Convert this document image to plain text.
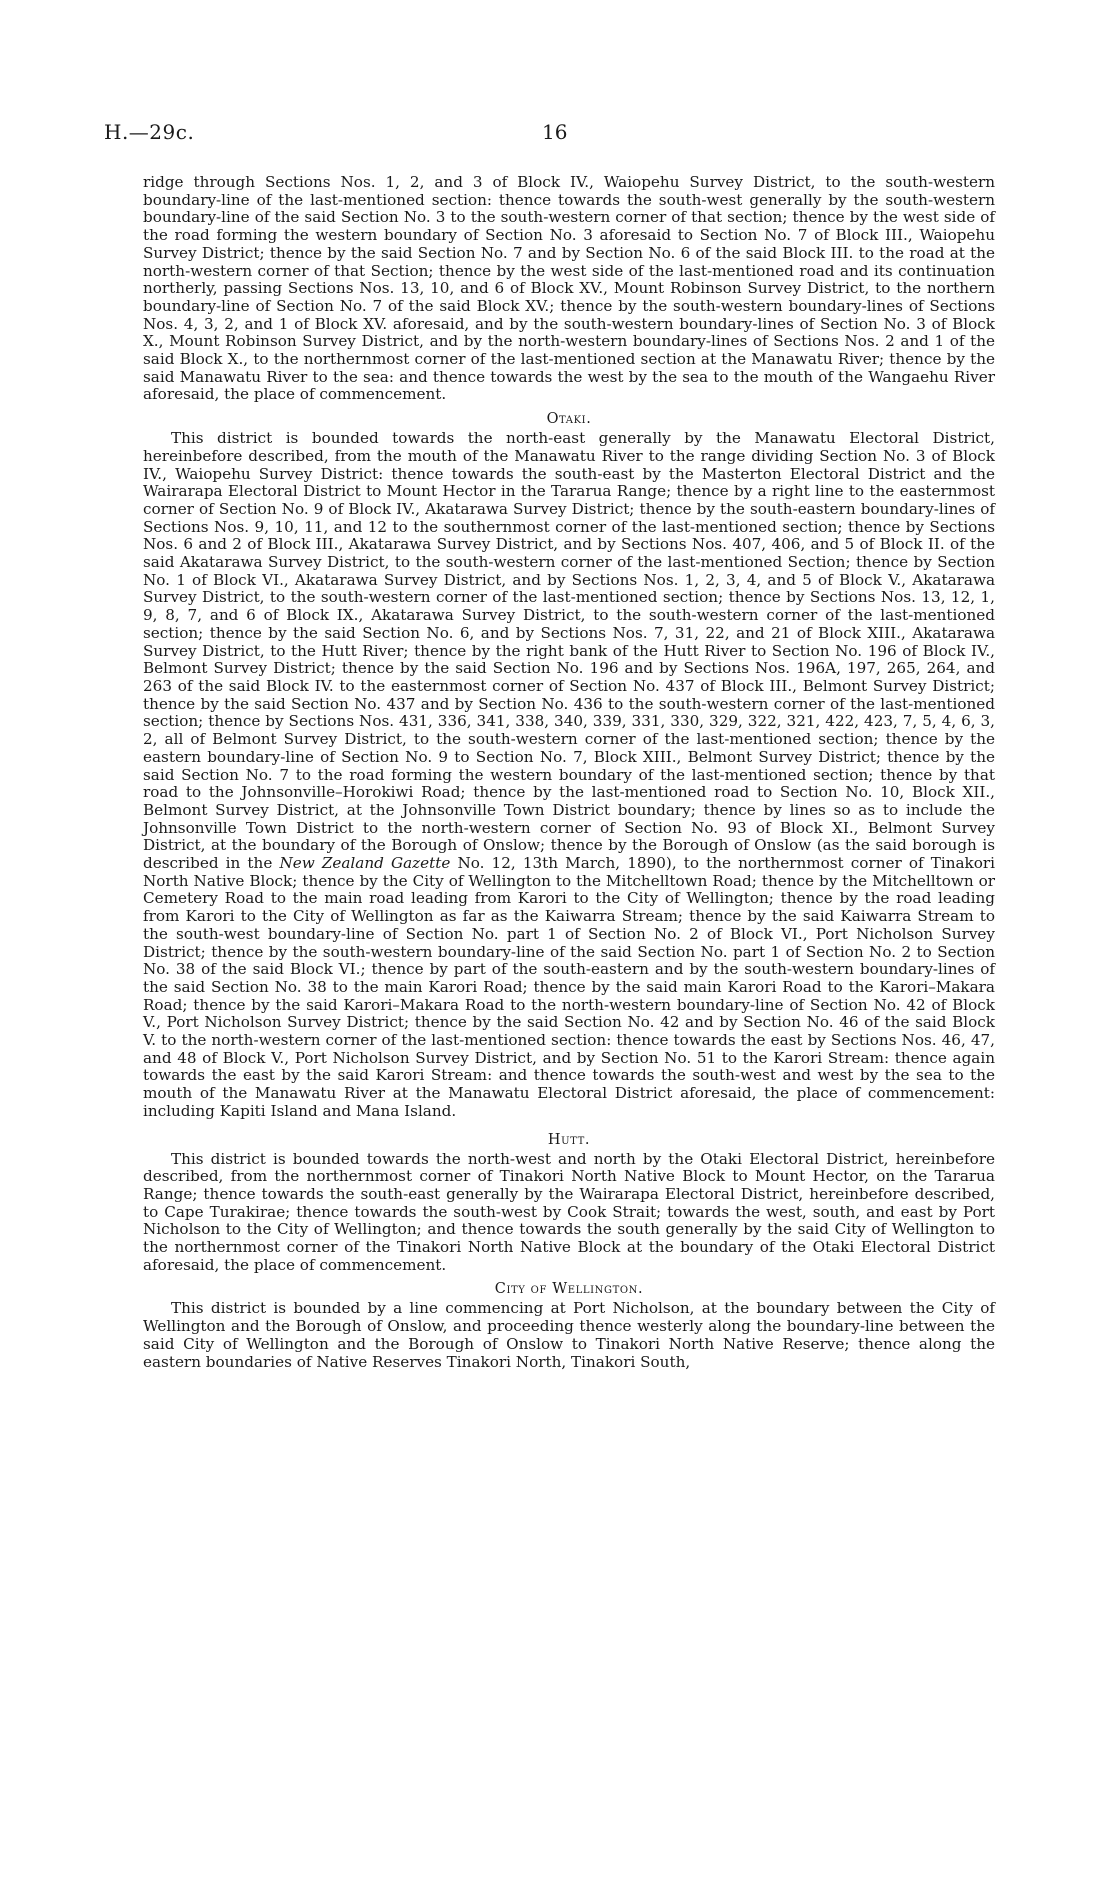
H.—29c.	16

ridge through Sections Nos. 1, 2, and 3 of Block IV., Waiopehu Survey District, to the south-western boundary-line of the last-mentioned section: thence towards the south-west generally by the south-western boundary-line of the said Section No. 3 to the south-western corner of that section; thence by the west side of the road forming the western boundary of Section No. 3 aforesaid to Section No. 7 of Block III., Waiopehu Survey District; thence by the said Section No. 7 and by Section No. 6 of the said Block III. to the road at the north-western corner of that Section; thence by the west side of the last-mentioned road and its continuation northerly, passing Sections Nos. 13, 10, and 6 of Block XV., Mount Robinson Survey District, to the northern boundary-line of Section No. 7 of the said Block XV.; thence by the south-western boundary-lines of Sections Nos. 4, 3, 2, and 1 of Block XV. aforesaid, and by the south-western boundary-lines of Section No. 3 of Block X., Mount Robinson Survey District, and by the north-western boundary-lines of Sections Nos. 2 and 1 of the said Block X., to the northernmost corner of the last-mentioned section at the Manawatu River; thence by the said Manawatu River to the sea: and thence towards the west by the sea to the mouth of the Wangaehu River aforesaid, the place of commencement.

Otaki.

This district is bounded towards the north-east generally by the Manawatu Electoral District, hereinbefore described, from the mouth of the Manawatu River to the range dividing Section No. 3 of Block IV., Waiopehu Survey District: thence towards the south-east by the Masterton Electoral District and the Wairarapa Electoral District to Mount Hector in the Tararua Range; thence by a right line to the easternmost corner of Section No. 9 of Block IV., Akatarawa Survey District; thence by the south-eastern boundary-lines of Sections Nos. 9, 10, 11, and 12 to the southernmost corner of the last-mentioned section; thence by Sections Nos. 6 and 2 of Block III., Akatarawa Survey District, and by Sections Nos. 407, 406, and 5 of Block II. of the said Akatarawa Survey District, to the south-western corner of the last-mentioned Section; thence by Section No. 1 of Block VI., Akatarawa Survey District, and by Sections Nos. 1, 2, 3, 4, and 5 of Block V., Akatarawa Survey District, to the south-western corner of the last-mentioned section; thence by Sections Nos. 13, 12, 1, 9, 8, 7, and 6 of Block IX., Akatarawa Survey District, to the south-western corner of the last-mentioned section; thence by the said Section No. 6, and by Sections Nos. 7, 31, 22, and 21 of Block XIII., Akatarawa Survey District, to the Hutt River; thence by the right bank of the Hutt River to Section No. 196 of Block IV., Belmont Survey District; thence by the said Section No. 196 and by Sections Nos. 196A, 197, 265, 264, and 263 of the said Block IV. to the easternmost corner of Section No. 437 of Block III., Belmont Survey District; thence by the said Section No. 437 and by Section No. 436 to the south-western corner of the last-mentioned section; thence by Sections Nos. 431, 336, 341, 338, 340, 339, 331, 330, 329, 322, 321, 422, 423, 7, 5, 4, 6, 3, 2, all of Belmont Survey District, to the south-western corner of the last-mentioned section; thence by the eastern boundary-line of Section No. 9 to Section No. 7, Block XIII., Belmont Survey District; thence by the said Section No. 7 to the road forming the western boundary of the last-mentioned section; thence by that road to the Johnsonville–Horokiwi Road; thence by the last-mentioned road to Section No. 10, Block XII., Belmont Survey District, at the Johnsonville Town District boundary; thence by lines so as to include the Johnsonville Town District to the north-western corner of Section No. 93 of Block XI., Belmont Survey District, at the boundary of the Borough of Onslow; thence by the Borough of Onslow (as the said borough is described in the New Zealand Gazette No. 12, 13th March, 1890), to the northernmost corner of Tinakori North Native Block; thence by the City of Wellington to the Mitchelltown Road; thence by the Mitchelltown or Cemetery Road to the main road leading from Karori to the City of Wellington; thence by the road leading from Karori to the City of Wellington as far as the Kaiwarra Stream; thence by the said Kaiwarra Stream to the south-west boundary-line of Section No. part 1 of Section No. 2 of Block VI., Port Nicholson Survey District; thence by the south-western boundary-line of the said Section No. part 1 of Section No. 2 to Section No. 38 of the said Block VI.; thence by part of the south-eastern and by the south-western boundary-lines of the said Section No. 38 to the main Karori Road; thence by the said main Karori Road to the Karori–Makara Road; thence by the said Karori–Makara Road to the north-western boundary-line of Section No. 42 of Block V., Port Nicholson Survey District; thence by the said Section No. 42 and by Section No. 46 of the said Block V. to the north-western corner of the last-mentioned section: thence towards the east by Sections Nos. 46, 47, and 48 of Block V., Port Nicholson Survey District, and by Section No. 51 to the Karori Stream: thence again towards the east by the said Karori Stream: and thence towards the south-west and west by the sea to the mouth of the Manawatu River at the Manawatu Electoral District aforesaid, the place of commencement: including Kapiti Island and Mana Island.

Hutt.

This district is bounded towards the north-west and north by the Otaki Electoral District, hereinbefore described, from the northernmost corner of Tinakori North Native Block to Mount Hector, on the Tararua Range; thence towards the south-east generally by the Wairarapa Electoral District, hereinbefore described, to Cape Turakirae; thence towards the south-west by Cook Strait; towards the west, south, and east by Port Nicholson to the City of Wellington; and thence towards the south generally by the said City of Wellington to the northernmost corner of the Tinakori North Native Block at the boundary of the Otaki Electoral District aforesaid, the place of commencement.

City of Wellington.

This district is bounded by a line commencing at Port Nicholson, at the boundary between the City of Wellington and the Borough of Onslow, and proceeding thence westerly along the boundary-line between the said City of Wellington and the Borough of Onslow to Tinakori North Native Reserve; thence along the eastern boundaries of Native Reserves Tinakori North, Tinakori South,
